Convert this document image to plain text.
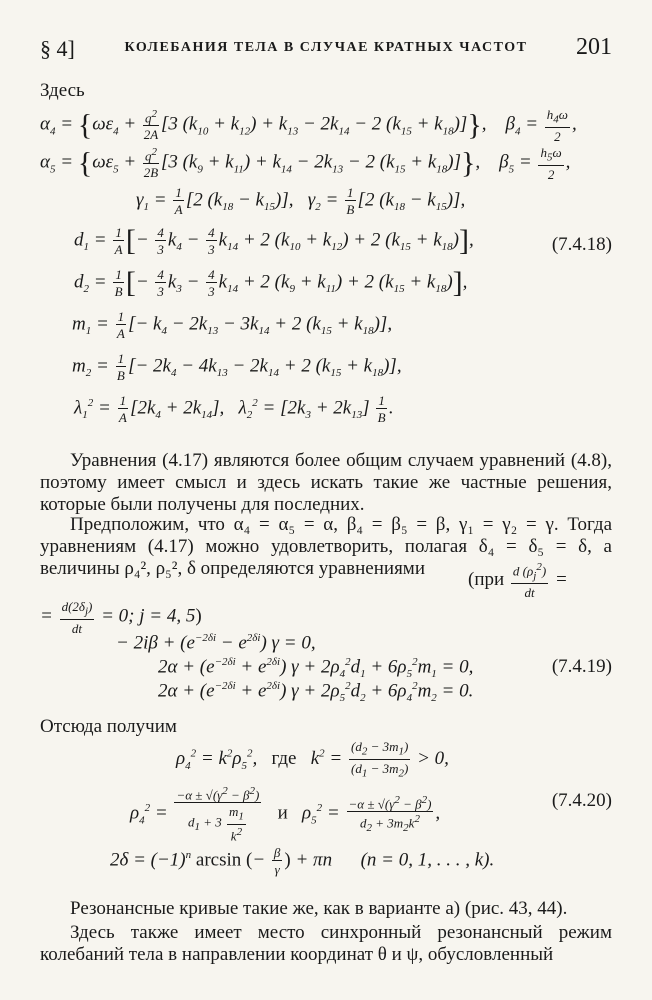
§ 4]	КОЛЕБАНИЯ ТЕЛА В СЛУЧАЕ КРАТНЫХ ЧАСТОТ	201
Здесь
$\alpha_4 = \{\omega\varepsilon_4 + \frac{q^2}{2A} [3$ $(k_{10} + k_{12}) + k_{13} - 2k_{14} - 2$ $(k_{15} + k_{18})$]},    $\beta_4 = \frac{h_4\omega}{2}$ ,
$\alpha_5 = \{\omega\varepsilon_5 + \frac{q^2}{2B} [3$ $(k_9 + k_{11}) + k_{14} - 2k_{13} - 2$ $(k_{15} + k_{18})$]},    $\beta_5 = \frac{h_5\omega}{2}$ ,
$\gamma_1 = \frac{1}{A} [2$ $(k_{18} - k_{15})$],   $\gamma_2 = \frac{1}{B} [2$ $(k_{18} - k_{15})$],
$d_1 = \frac{1}{A}$ [− $\frac{4}{3} k_4 - \frac{4}{3} k_{14} + 2$ $(k_{10} + k_{12}) + 2$ $(k_{15} + k_{18})$],	(7.4.18)
$d_2 = \frac{1}{B}$ [− $\frac{4}{3} k_3 - \frac{4}{3} k_{14} + 2$ $(k_9 + k_{11}) + 2$ $(k_{15} + k_{18})$],
$m_1 = \frac{1}{A}$ [− $k_4 - 2k_{13} - 3k_{14} + 2$ $(k_{15} + k_{18})$],
$m_2 = \frac{1}{B}$ [− $2k_4 - 4k_{13} - 2k_{14} + 2$ $(k_{15} + k_{18})$],
$\lambda_1^2 = \frac{1}{A} [2k_4 + 2k_{14}]$,   $\lambda_2^2 = [2k_3 + 2k_{13}] \frac{1}{B}$ .
Уравнения (4.17) являются более общим случаем уравнений (4.8), поэтому имеет смысл и здесь искать такие же частные решения, которые были получены для последних.
Предположим, что α₄ = α₅ = α, β₄ = β₅ = β, γ₁ = γ₂ = γ. Тогда уравнениям (4.17) можно удовлетворить, полагая δ₄ = δ₅ = δ, а величины ρ₄², ρ₅², δ определяются уравнениями
($при \frac{d (\rho_j^2)}{dt}$ =
= $\frac{d(2\delta_j)}{dt} = 0$; j = 4, 5)
− $2i\beta + (e^{-2\delta i} - e^{2\delta i}) \gamma = 0$,
$2\alpha + (e^{-2\delta i} + e^{2\delta i}) \gamma + 2\rho_4^2d_1 + 6\rho_5^2m_1 = 0$,	(7.4.19)
$2\alpha + (e^{-2\delta i} + e^{2\delta i}) \gamma + 2\rho_5^2d_2 + 6\rho_4^2m_2 = 0$.
Отсюда получим
$\rho_4^2 = k^2\rho_5^2$,   где   $k^2 = \frac{(d_2 - 3m_1)}{(d_1 - 3m_2)} > 0$,
$\rho_4^2 = \frac{-\alpha \pm √(\gamma^2 - \beta^2)}{d_1 + 3 \frac{m_1}{k^2}}$ и   $\rho_5^2 = \frac{-\alpha \pm √(\gamma^2 - \beta^2)}{d_2 + 3m_2k^2}$ ,
(7.4.20)
$2\delta = (-1)^n$ arcsin (− $\frac{\beta}{\gamma}$ ) + πn      (n = 0, 1, . . . , k).
Резонансные кривые такие же, как в варианте а) (рис. 43, 44).
Здесь также имеет место синхронный резонансный режим колебаний тела в направлении координат θ и ψ, обусловленный
